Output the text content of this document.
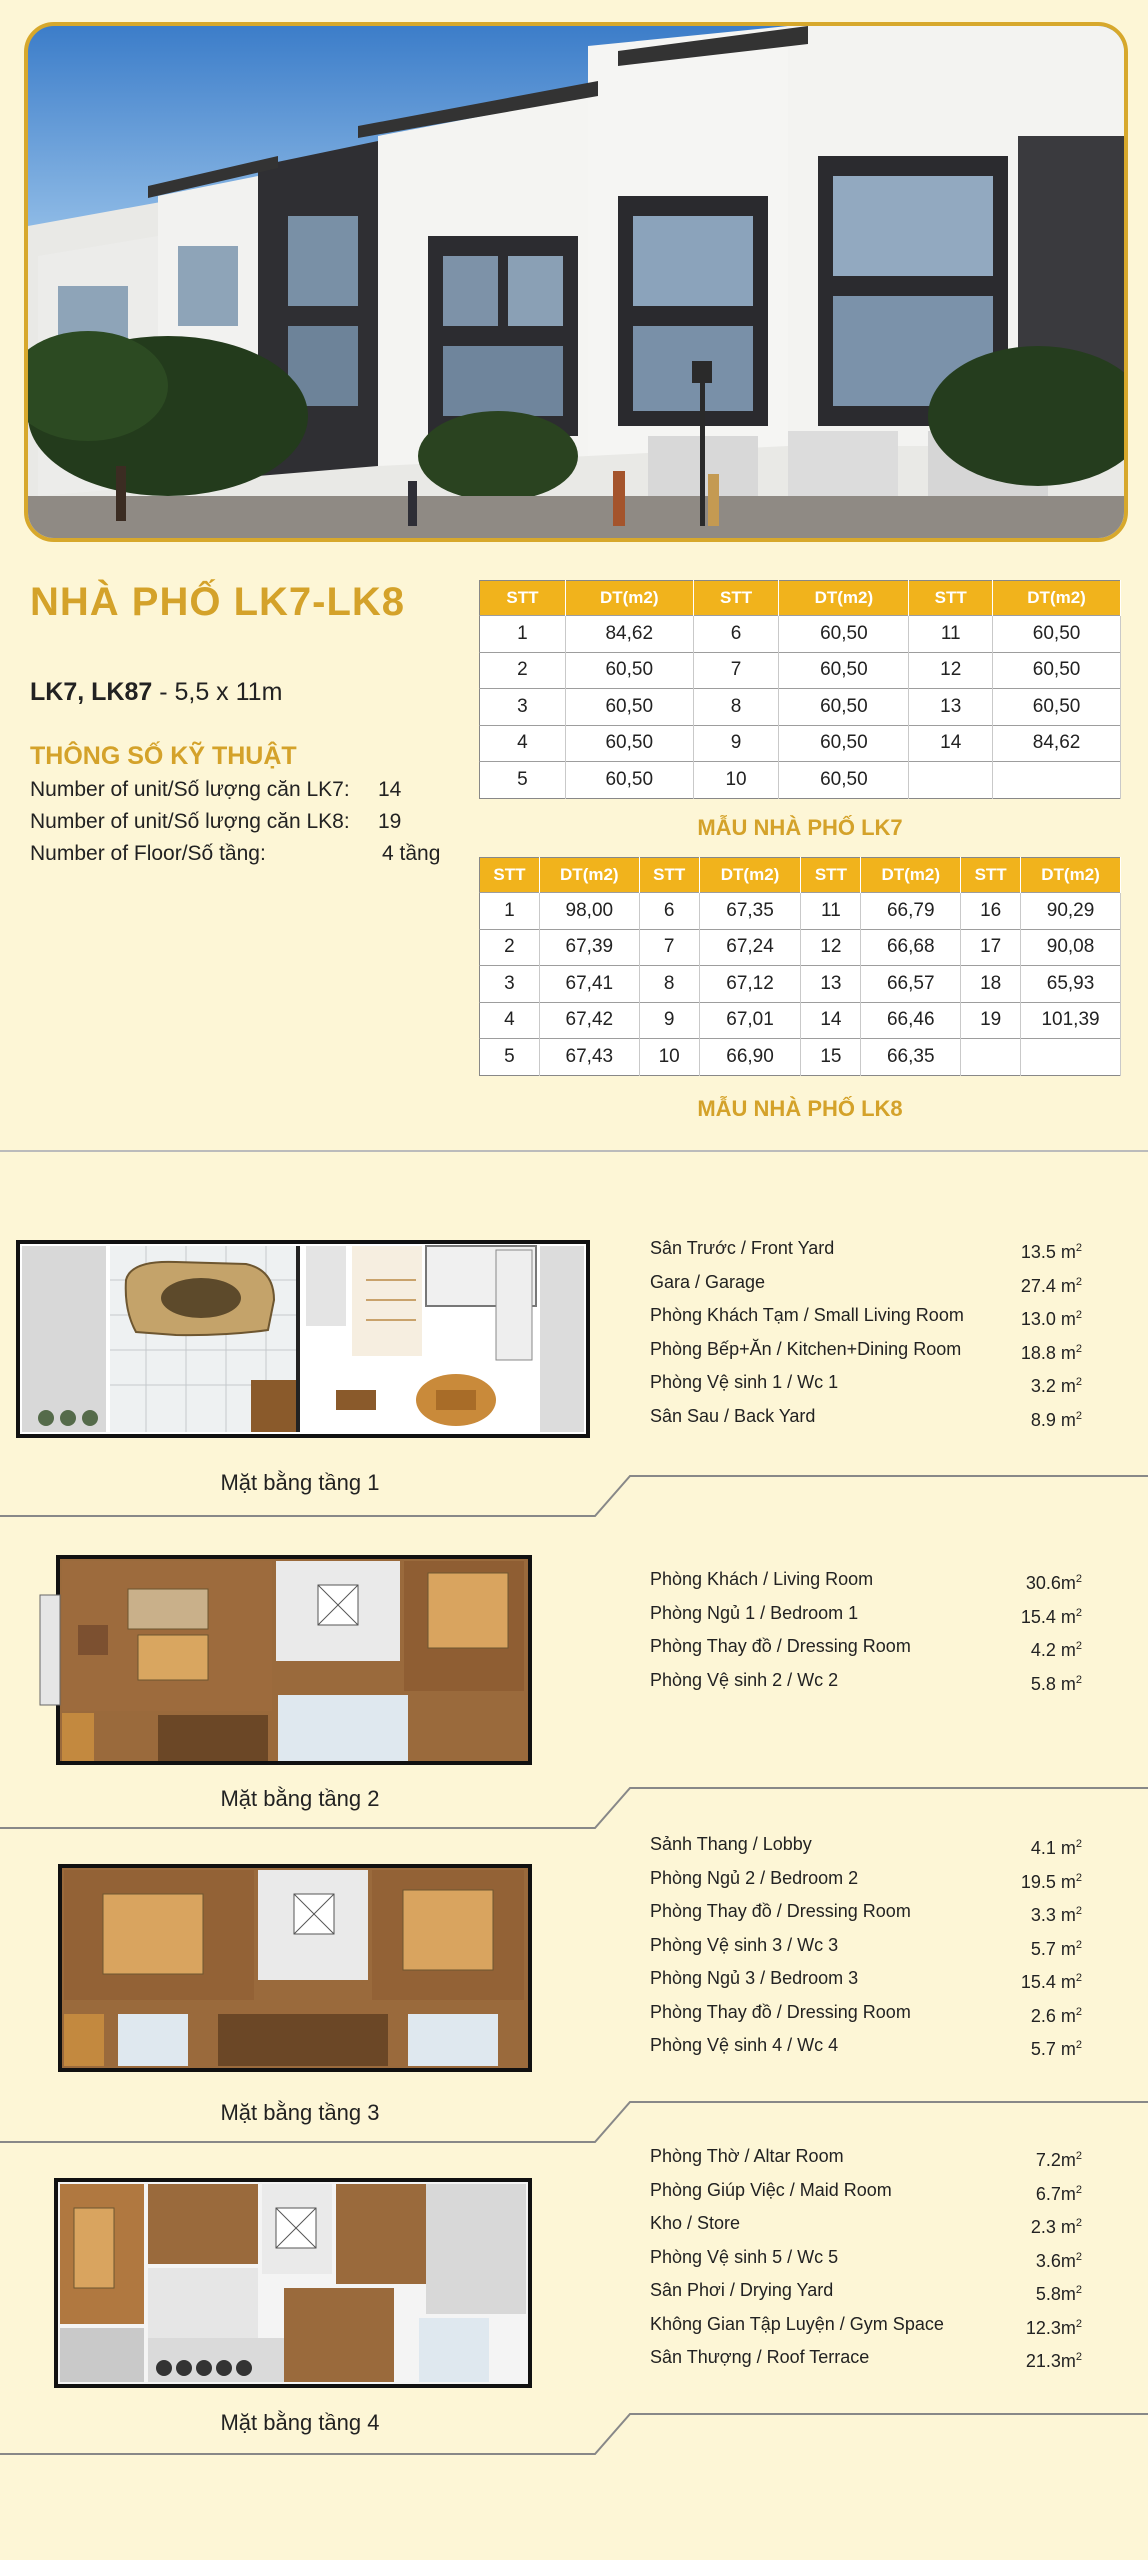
NHÀ PHỐ LK7-LK8
LK7, LK87 - 5,5 x 11m
THÔNG SỐ KỸ THUẬT
Number of unit/Số lượng căn LK7: 14
Number of unit/Số lượng căn LK8: 19
Number of Floor/Số tầng:	4 tầng
STT	DT(m2)	STT	DT(m2)	STT	DT(m2)
1	84,62	6	60,50	11	60,50
2	60,50	7	60,50	12	60,50
3	60,50	8	60,50	13	60,50
4	60,50	9	60,50	14	84,62
5	60,50	10	60,50		
MẪU NHÀ PHỐ LK7
STT	DT(m2)	STT	DT(m2)	STT	DT(m2)	STT	DT(m2)
1	98,00	6	67,35	11	66,79	16	90,29
2	67,39	7	67,24	12	66,68	17	90,08
3	67,41	8	67,12	13	66,57	18	65,93
4	67,42	9	67,01	14	66,46	19	101,39
5	67,43	10	66,90	15	66,35		
MẪU NHÀ PHỐ LK8
Mặt bằng tầng 1
Sân Trước / Front Yard	13.5 $m^2$
Gara / Garage	27.4 $m^2$
Phòng Khách Tạm / Small Living Room	13.0 $m^2$
Phòng Bếp+Ăn / Kitchen+Dining Room	18.8 $m^2$
Phòng Vệ sinh 1 / Wc 1	3.2 $m^2$
Sân Sau / Back Yard	8.9 $m^2$
Mặt bằng tầng 2
Phòng Khách / Living Room	$30.6m^2$
Phòng Ngủ 1 / Bedroom 1	15.4 $m^2$
Phòng Thay đồ / Dressing Room	4.2 $m^2$
Phòng Vệ sinh 2 / Wc 2	5.8 $m^2$
Mặt bằng tầng 3
Sảnh Thang / Lobby	4.1 $m^2$
Phòng Ngủ 2 / Bedroom 2	19.5 $m^2$
Phòng Thay đồ / Dressing Room	3.3 $m^2$
Phòng Vệ sinh 3 / Wc 3	5.7 $m^2$
Phòng Ngủ 3 / Bedroom 3	15.4 $m^2$
Phòng Thay đồ / Dressing Room	2.6 $m^2$
Phòng Vệ sinh 4 / Wc 4	5.7 $m^2$
Mặt bằng tầng 4
Phòng Thờ / Altar Room	$7.2m^2$
Phòng Giúp Việc / Maid Room	$6.7m^2$
Kho / Store	2.3 $m^2$
Phòng Vệ sinh 5 / Wc 5	$3.6m^2$
Sân Phơi / Drying Yard	$5.8m^2$
Không Gian Tập Luyện / Gym Space	$12.3m^2$
Sân Thượng / Roof Terrace	$21.3m^2$
